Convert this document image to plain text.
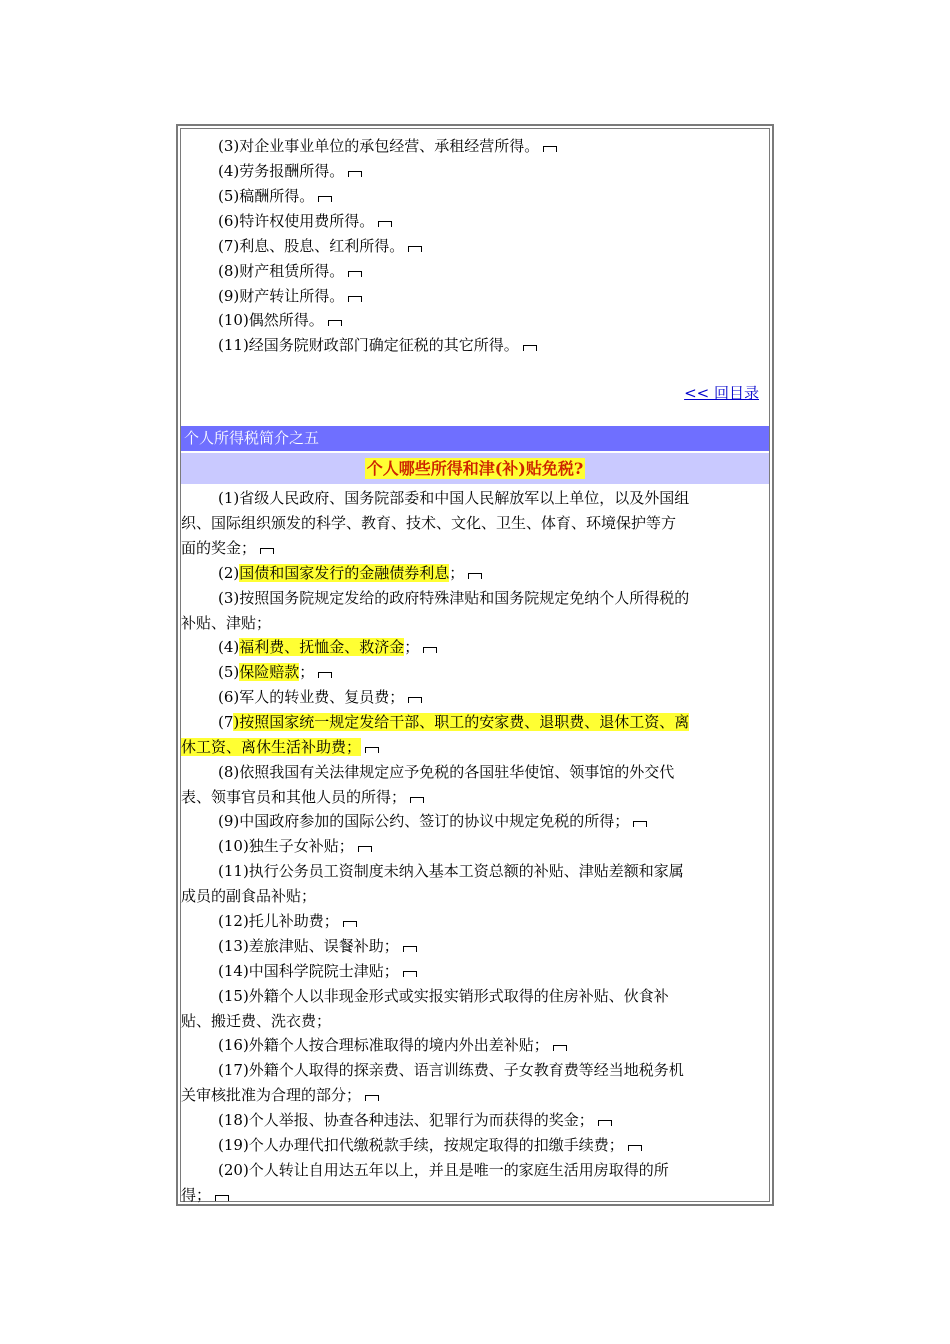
(3)对企业事业单位的承包经营、承租经营所得。
(4)劳务报酬所得。
(5)稿酬所得。
(6)特许权使用费所得。
(7)利息、股息、红利所得。
(8)财产租赁所得。
(9)财产转让所得。
(10)偶然所得。
(11)经国务院财政部门确定征税的其它所得。
<< 回目录
个人所得税简介之五
个人哪些所得和津(补)贴免税?
(1)省级人民政府、国务院部委和中国人民解放军以上单位，以及外国组
织、国际组织颁发的科学、教育、技术、文化、卫生、体育、环境保护等方
面的奖金；
(2)国债和国家发行的金融债券利息；
(3)按照国务院规定发给的政府特殊津贴和国务院规定免纳个人所得税的
补贴、津贴；
(4)福利费、抚恤金、救济金；
(5)保险赔款；
(6)军人的转业费、复员费；
(7)按照国家统一规定发给干部、职工的安家费、退职费、退休工资、离
休工资、离休生活补助费；
(8)依照我国有关法律规定应予免税的各国驻华使馆、领事馆的外交代
表、领事官员和其他人员的所得；
(9)中国政府参加的国际公约、签订的协议中规定免税的所得；
(10)独生子女补贴；
(11)执行公务员工资制度未纳入基本工资总额的补贴、津贴差额和家属
成员的副食品补贴；
(12)托儿补助费；
(13)差旅津贴、误餐补助；
(14)中国科学院院士津贴；
(15)外籍个人以非现金形式或实报实销形式取得的住房补贴、伙食补
贴、搬迁费、洗衣费；
(16)外籍个人按合理标准取得的境内外出差补贴；
(17)外籍个人取得的探亲费、语言训练费、子女教育费等经当地税务机
关审核批准为合理的部分；
(18)个人举报、协查各种违法、犯罪行为而获得的奖金；
(19)个人办理代扣代缴税款手续，按规定取得的扣缴手续费；
(20)个人转让自用达五年以上，并且是唯一的家庭生活用房取得的所
得；
